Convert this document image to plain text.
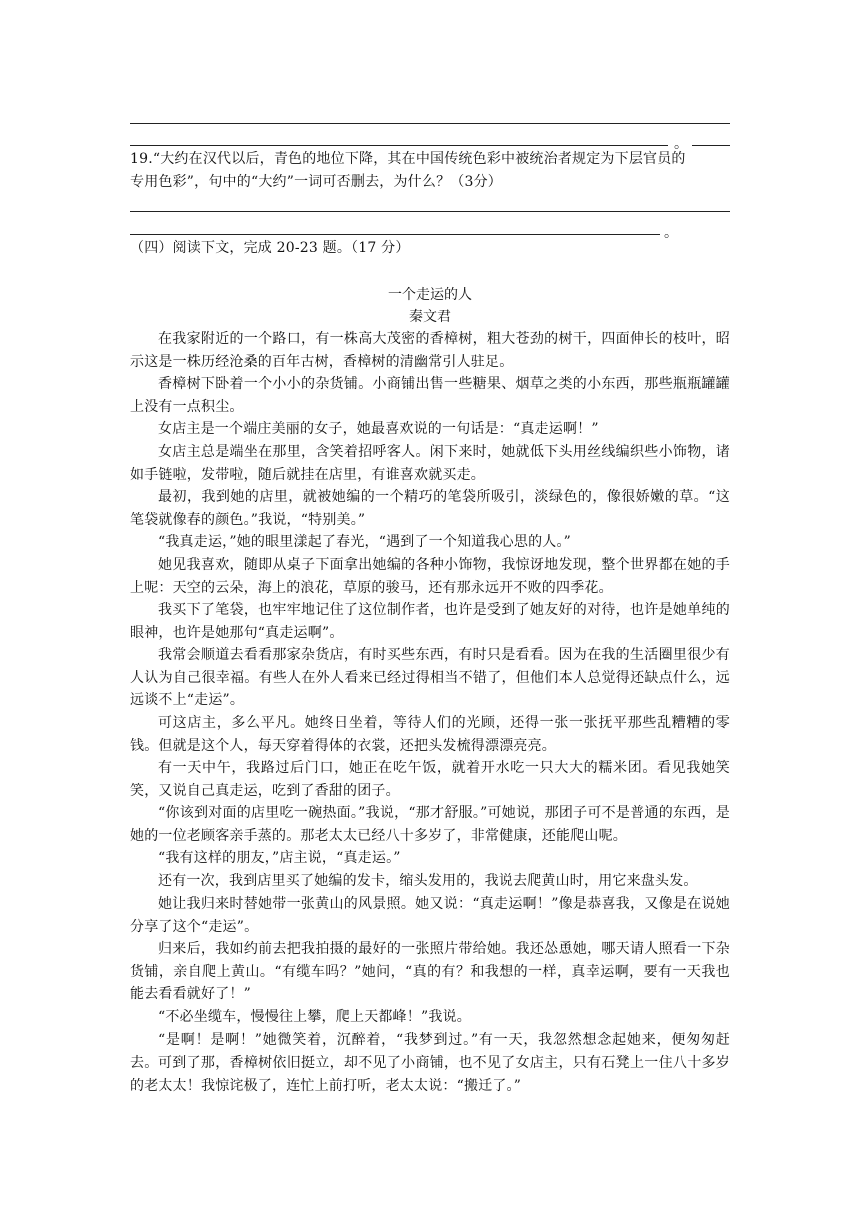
。
19.“大约在汉代以后，青色的地位下降，其在中国传统色彩中被统治者规定为下层官员的
专用色彩”，句中的“大约”一词可否删去，为什么？（3分）
。
（四）阅读下文，完成 20-23 题。（17 分）
一个走运的人
秦文君
在我家附近的一个路口，有一株高大茂密的香樟树，粗大苍劲的树干，四面伸长的枝叶，昭示这是一株历经沧桑的百年古树，香樟树的清幽常引人驻足。
香樟树下卧着一个小小的杂货铺。小商铺出售一些糖果、烟草之类的小东西，那些瓶瓶罐罐上没有一点积尘。
女店主是一个端庄美丽的女子，她最喜欢说的一句话是：“真走运啊！”
女店主总是端坐在那里，含笑着招呼客人。闲下来时，她就低下头用丝线编织些小饰物，诸如手链啦，发带啦，随后就挂在店里，有谁喜欢就买走。
最初，我到她的店里，就被她编的一个精巧的笔袋所吸引，淡绿色的，像很娇嫩的草。“这笔袋就像春的颜色。”我说，“特别美。”
“我真走运，”她的眼里漾起了春光，“遇到了一个知道我心思的人。”
她见我喜欢，随即从桌子下面拿出她编的各种小饰物，我惊讶地发现，整个世界都在她的手上呢：天空的云朵，海上的浪花，草原的骏马，还有那永远开不败的四季花。
我买下了笔袋，也牢牢地记住了这位制作者，也许是受到了她友好的对待，也许是她单纯的眼神，也许是她那句“真走运啊”。
我常会顺道去看看那家杂货店，有时买些东西，有时只是看看。因为在我的生活圈里很少有人认为自己很幸福。有些人在外人看来已经过得相当不错了，但他们本人总觉得还缺点什么，远远谈不上“走运”。
可这店主，多么平凡。她终日坐着，等待人们的光顾，还得一张一张抚平那些乱糟糟的零钱。但就是这个人，每天穿着得体的衣裳，还把头发梳得漂漂亮亮。
有一天中午，我路过后门口，她正在吃午饭，就着开水吃一只大大的糯米团。看见我她笑笑，又说自己真走运，吃到了香甜的团子。
“你该到对面的店里吃一碗热面。”我说，“那才舒服。”可她说，那团子可不是普通的东西，是她的一位老顾客亲手蒸的。那老太太已经八十多岁了，非常健康，还能爬山呢。
“我有这样的朋友，”店主说，“真走运。”
还有一次，我到店里买了她编的发卡，缩头发用的，我说去爬黄山时，用它来盘头发。
她让我归来时替她带一张黄山的风景照。她又说：“真走运啊！”像是恭喜我，又像是在说她分享了这个“走运”。
归来后，我如约前去把我拍摄的最好的一张照片带给她。我还怂恿她，哪天请人照看一下杂货铺，亲自爬上黄山。“有缆车吗？”她问，“真的有？和我想的一样，真幸运啊，要有一天我也能去看看就好了！”
“不必坐缆车，慢慢往上攀，爬上天都峰！”我说。
“是啊！是啊！”她微笑着，沉醉着，“我梦到过。”有一天，我忽然想念起她来，便匆匆赶去。 可到了那，香樟树依旧挺立，却不见了小商铺，也不见了女店主，只有石凳上一住八十多岁的老太太！我惊诧极了，连忙上前打听，老太太说：“搬迁了。”
